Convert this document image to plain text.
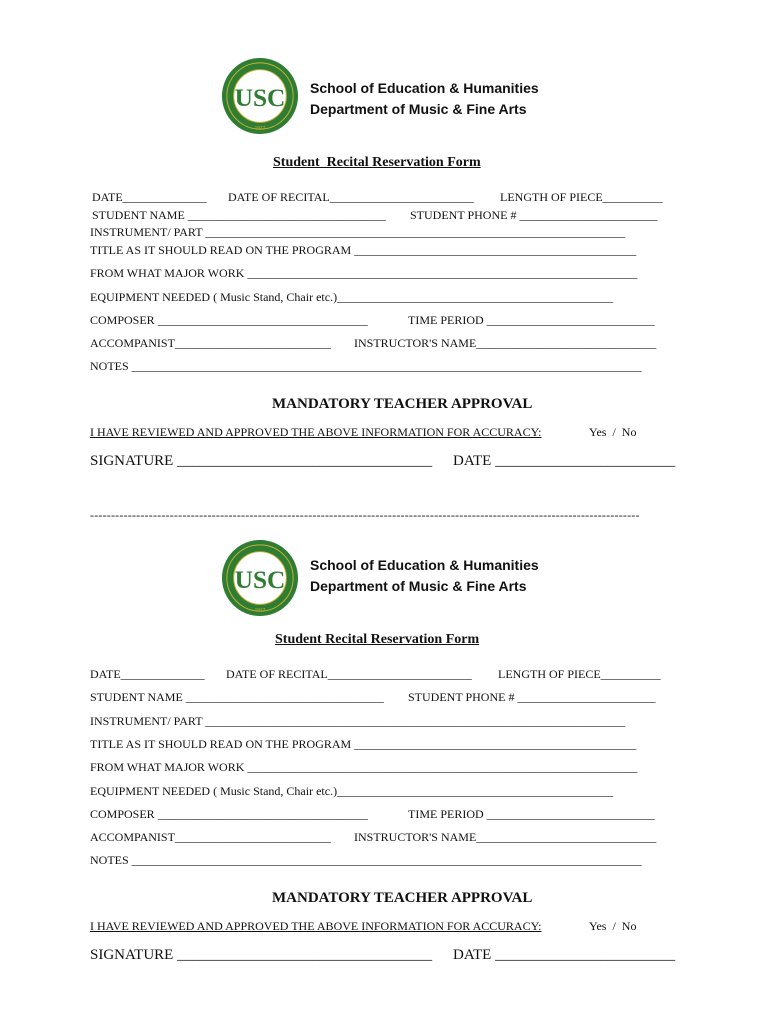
USC
1927
School of Education & Humanities
Department of Music & Fine Arts
Student  Recital Reservation Form
DATE______________ DATE OF RECITAL________________________ LENGTH OF PIECE__________
STUDENT NAME _________________________________ STUDENT PHONE # _______________________
INSTRUMENT/ PART ______________________________________________________________________
TITLE AS IT SHOULD READ ON THE PROGRAM _______________________________________________
FROM WHAT MAJOR WORK _________________________________________________________________
EQUIPMENT NEEDED ( Music Stand, Chair etc.)______________________________________________
COMPOSER ___________________________________	TIME PERIOD ____________________________
ACCOMPANIST__________________________ INSTRUCTOR'S NAME______________________________
NOTES _____________________________________________________________________________________
MANDATORY TEACHER APPROVAL
I HAVE REVIEWED AND APPROVED THE ABOVE INFORMATION FOR ACCURACY:	Yes  /  No
SIGNATURE __________________________________ DATE ________________________
-----------------------------------------------------------------------------------------------------------------------------------
USC
1927
School of Education & Humanities
Department of Music & Fine Arts
Student Recital Reservation Form
DATE______________ DATE OF RECITAL________________________ LENGTH OF PIECE__________
STUDENT NAME _________________________________ STUDENT PHONE # _______________________
INSTRUMENT/ PART ______________________________________________________________________
TITLE AS IT SHOULD READ ON THE PROGRAM _______________________________________________
FROM WHAT MAJOR WORK _________________________________________________________________
EQUIPMENT NEEDED ( Music Stand, Chair etc.)______________________________________________
COMPOSER ___________________________________	TIME PERIOD ____________________________
ACCOMPANIST__________________________ INSTRUCTOR'S NAME______________________________
NOTES _____________________________________________________________________________________
MANDATORY TEACHER APPROVAL
I HAVE REVIEWED AND APPROVED THE ABOVE INFORMATION FOR ACCURACY:	Yes  /  No
SIGNATURE __________________________________ DATE ________________________
